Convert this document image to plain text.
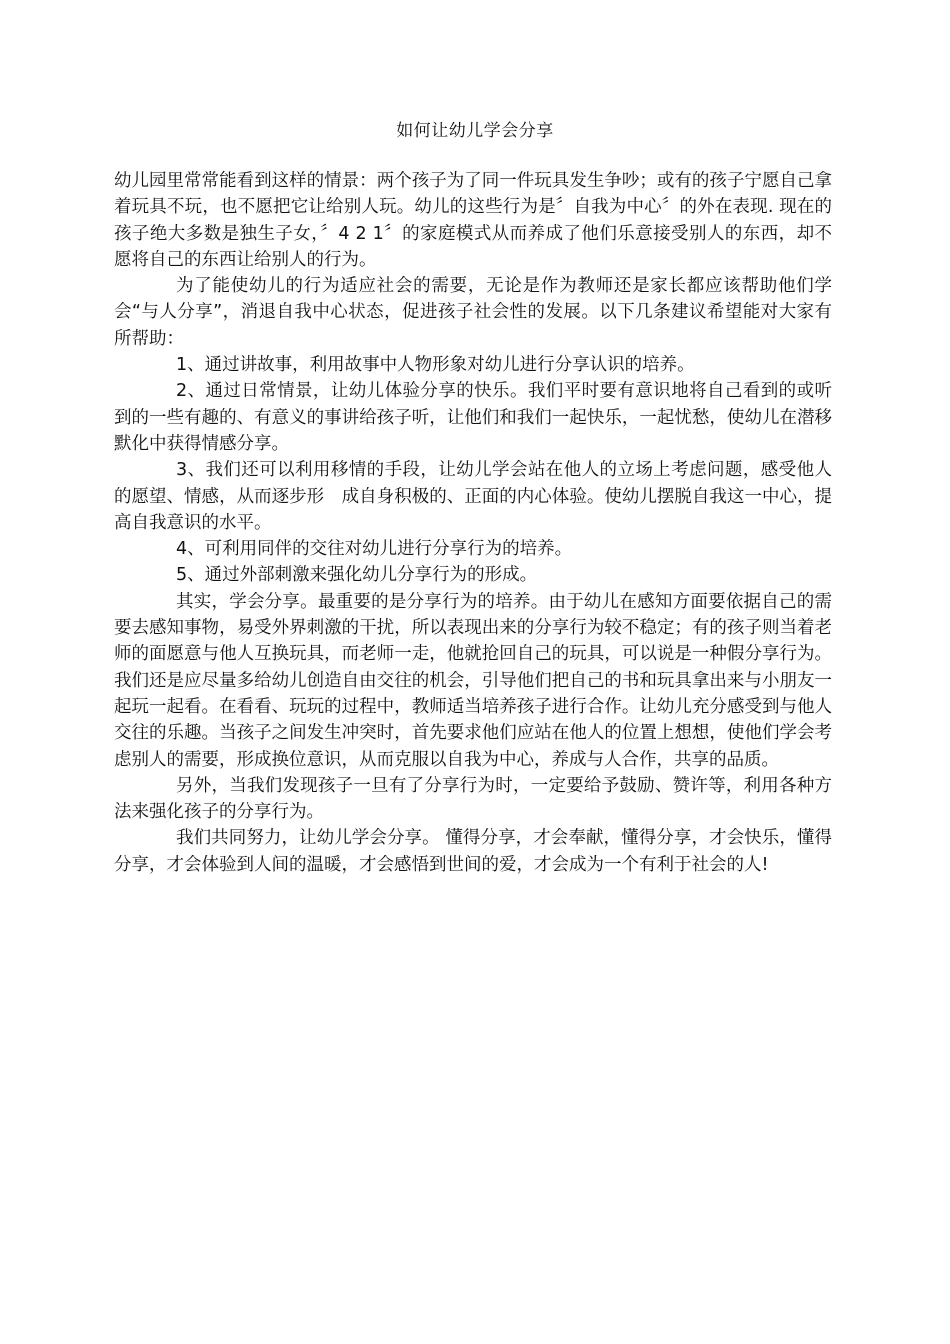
如何让幼儿学会分享

幼儿园里常常能看到这样的情景：两个孩子为了同一件玩具发生争吵；或有的孩子宁愿自己拿着玩具不玩，也不愿把它让给别人玩。幼儿的这些行为是〞自我为中心〞的外在表现. 现在的孩子绝大多数是独生子女，〞4 2 1〞的家庭模式从而养成了他们乐意接受别人的东西，却不愿将自己的东西让给别人的行为。

为了能使幼儿的行为适应社会的需要，无论是作为教师还是家长都应该帮助他们学会“与人分享”，消退自我中心状态，促进孩子社会性的发展。以下几条建议希望能对大家有所帮助：

1、通过讲故事，利用故事中人物形象对幼儿进行分享认识的培养。

2、通过日常情景，让幼儿体验分享的快乐。我们平时要有意识地将自己看到的或听到的一些有趣的、有意义的事讲给孩子听，让他们和我们一起快乐，一起忧愁，使幼儿在潜移默化中获得情感分享。

3、我们还可以利用移情的手段，让幼儿学会站在他人的立场上考虑问题，感受他人的愿望、情感，从而逐步形　成自身积极的、正面的内心体验。使幼儿摆脱自我这一中心，提高自我意识的水平。

4、可利用同伴的交往对幼儿进行分享行为的培养。

5、通过外部刺激来强化幼儿分享行为的形成。

其实，学会分享。最重要的是分享行为的培养。由于幼儿在感知方面要依据自己的需要去感知事物，易受外界刺激的干扰，所以表现出来的分享行为较不稳定；有的孩子则当着老师的面愿意与他人互换玩具，而老师一走，他就抢回自己的玩具，可以说是一种假分享行为。我们还是应尽量多给幼儿创造自由交往的机会，引导他们把自己的书和玩具拿出来与小朋友一起玩一起看。在看看、玩玩的过程中，教师适当培养孩子进行合作。让幼儿充分感受到与他人交往的乐趣。当孩子之间发生冲突时，首先要求他们应站在他人的位置上想想，使他们学会考虑别人的需要，形成换位意识，从而克服以自我为中心，养成与人合作，共享的品质。

另外，当我们发现孩子一旦有了分享行为时，一定要给予鼓励、赞许等，利用各种方法来强化孩子的分享行为。

我们共同努力，让幼儿学会分享。 懂得分享，才会奉献，懂得分享，才会快乐，懂得分享，才会体验到人间的温暖，才会感悟到世间的爱，才会成为一个有利于社会的人!
